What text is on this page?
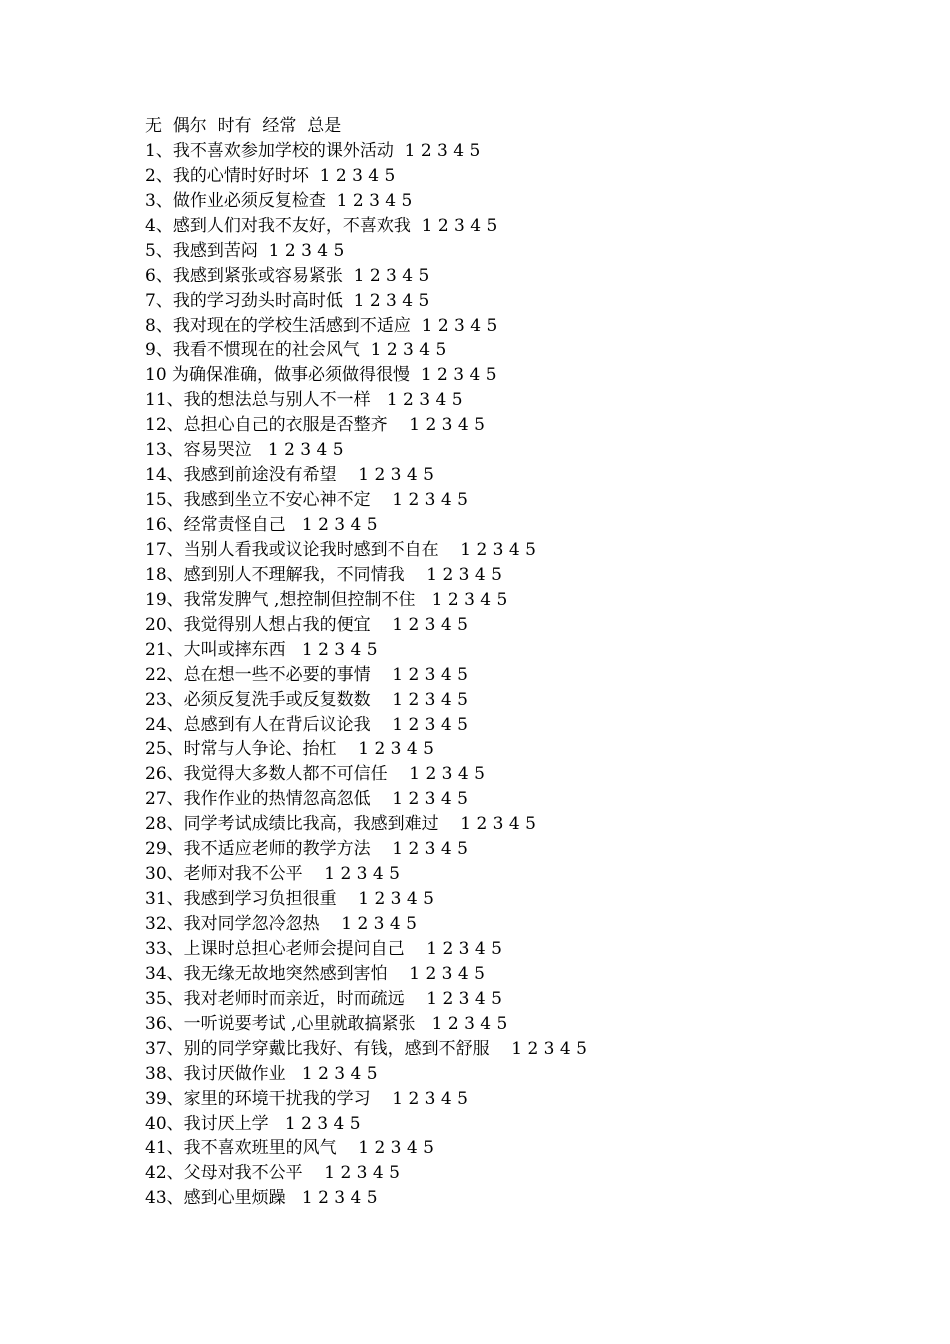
无  偶尔  时有  经常  总是
1、我不喜欢参加学校的课外活动  1 2 3 4 5
2、我的心情时好时坏  1 2 3 4 5
3、做作业必须反复检查  1 2 3 4 5
4、感到人们对我不友好，不喜欢我  1 2 3 4 5
5、我感到苦闷  1 2 3 4 5
6、我感到紧张或容易紧张  1 2 3 4 5
7、我的学习劲头时高时低  1 2 3 4 5
8、我对现在的学校生活感到不适应  1 2 3 4 5
9、我看不惯现在的社会风气  1 2 3 4 5
10 为确保准确，做事必须做得很慢  1 2 3 4 5
11、我的想法总与别人不一样   1 2 3 4 5
12、总担心自己的衣服是否整齐    1 2 3 4 5
13、容易哭泣   1 2 3 4 5
14、我感到前途没有希望    1 2 3 4 5
15、我感到坐立不安心神不定    1 2 3 4 5
16、经常责怪自己   1 2 3 4 5
17、当别人看我或议论我时感到不自在    1 2 3 4 5
18、感到别人不理解我，不同情我    1 2 3 4 5
19、我常发脾气 ,想控制但控制不住   1 2 3 4 5
20、我觉得别人想占我的便宜    1 2 3 4 5
21、大叫或摔东西   1 2 3 4 5
22、总在想一些不必要的事情    1 2 3 4 5
23、必须反复洗手或反复数数    1 2 3 4 5
24、总感到有人在背后议论我    1 2 3 4 5
25、时常与人争论、抬杠    1 2 3 4 5
26、我觉得大多数人都不可信任    1 2 3 4 5
27、我作作业的热情忽高忽低    1 2 3 4 5
28、同学考试成绩比我高，我感到难过    1 2 3 4 5
29、我不适应老师的教学方法    1 2 3 4 5
30、老师对我不公平    1 2 3 4 5
31、我感到学习负担很重    1 2 3 4 5
32、我对同学忽冷忽热    1 2 3 4 5
33、上课时总担心老师会提问自己    1 2 3 4 5
34、我无缘无故地突然感到害怕    1 2 3 4 5
35、我对老师时而亲近，时而疏远    1 2 3 4 5
36、一听说要考试 ,心里就敢搞紧张   1 2 3 4 5
37、别的同学穿戴比我好、有钱，感到不舒服    1 2 3 4 5
38、我讨厌做作业   1 2 3 4 5
39、家里的环境干扰我的学习    1 2 3 4 5
40、我讨厌上学   1 2 3 4 5
41、我不喜欢班里的风气    1 2 3 4 5
42、父母对我不公平    1 2 3 4 5
43、感到心里烦躁   1 2 3 4 5
